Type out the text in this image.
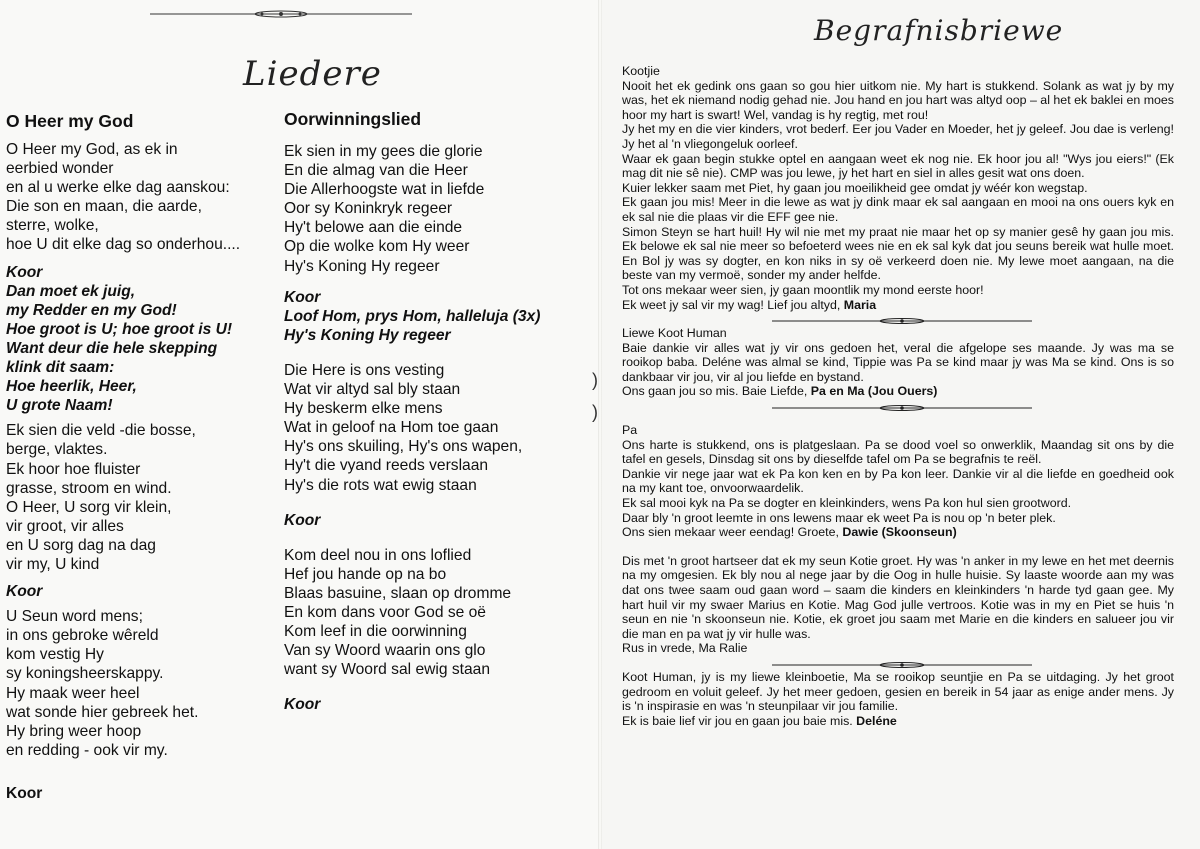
Liedere

O Heer my God

O Heer my God, as ek in

eerbied wonder

en al u werke elke dag aanskou:

Die son en maan, die aarde,

sterre, wolke,

hoe U dit elke dag so onderhou....

Koor

Dan moet ek juig,

my Redder en my God!

Hoe groot is U; hoe groot is U!

Want deur die hele skepping

klink dit saam:

Hoe heerlik, Heer,

U grote Naam!

Ek sien die veld -die bosse,

berge, vlaktes.

Ek hoor hoe fluister

grasse, stroom en wind.

O Heer, U sorg vir klein,

vir groot, vir alles

en U sorg dag na dag

vir my, U kind

Koor

U Seun word mens;

in ons gebroke wêreld

kom vestig Hy

sy koningsheerskappy.

Hy maak weer heel

wat sonde hier gebreek het.

Hy bring weer hoop

en redding - ook vir my.

Koor

Oorwinningslied

Ek sien in my gees die glorie

En die almag van die Heer

Die Allerhoogste wat in liefde

Oor sy Koninkryk regeer

Hy't belowe aan die einde

Op die wolke kom Hy weer

Hy's Koning Hy regeer

Koor

Loof Hom, prys Hom, halleluja (3x)

Hy's Koning Hy regeer

Die Here is ons vesting

Wat vir altyd sal bly staan

Hy beskerm elke mens

Wat in geloof na Hom toe gaan

Hy's ons skuiling, Hy's ons wapen,

Hy't die vyand reeds verslaan

Hy's die rots wat ewig staan

Koor

Kom deel nou in ons loflied

Hef jou hande op na bo

Blaas basuine, slaan op dromme

En kom dans voor God se oë

Kom leef in die oorwinning

Van sy Woord waarin ons glo

want sy Woord sal ewig staan

Koor

Begrafnisbriewe
)
)

Kootjie

Nooit het ek gedink ons gaan so gou hier uitkom nie. My hart is stukkend. Solank as wat jy by my was, het ek niemand nodig gehad nie. Jou hand en jou hart was altyd oop – al het ek baklei en moes hoor my hart is swart! Wel, vandag is hy regtig, met rou!

Jy het my en die vier kinders, vrot bederf. Eer jou Vader en Moeder, het jy geleef. Jou dae is verleng! Jy het al 'n vliegongeluk oorleef.

Waar ek gaan begin stukke optel en aangaan weet ek nog nie. Ek hoor jou al! "Wys jou eiers!" (Ek mag dit nie sê nie). CMP was jou lewe, jy het hart en siel in alles gesit wat ons doen.

Kuier lekker saam met Piet, hy gaan jou moeilikheid gee omdat jy wéér kon wegstap.

Ek gaan jou mis! Meer in die lewe as wat jy dink maar ek sal aangaan en mooi na ons ouers kyk en ek sal nie die plaas vir die EFF gee nie.

Simon Steyn se hart huil! Hy wil nie met my praat nie maar het op sy manier gesê hy gaan jou mis. Ek belowe ek sal nie meer so befoeterd wees nie en ek sal kyk dat jou seuns bereik wat hulle moet. En Bol jy was sy dogter, en kon niks in sy oë verkeerd doen nie. My lewe moet aangaan, na die beste van my vermoë, sonder my ander helfde.

Tot ons mekaar weer sien, jy gaan moontlik my mond eerste hoor!

Ek weet jy sal vir my wag! Lief jou altyd, Maria

Liewe Koot Human

Baie dankie vir alles wat jy vir ons gedoen het, veral die afgelope ses maande. Jy was ma se rooikop baba. Deléne was almal se kind, Tippie was Pa se kind maar jy was Ma se kind. Ons is so dankbaar vir jou, vir al jou liefde en bystand.

Ons gaan jou so mis. Baie Liefde, Pa en Ma (Jou Ouers)

Pa

Ons harte is stukkend, ons is platgeslaan. Pa se dood voel so onwerklik, Maandag sit ons by die tafel en gesels, Dinsdag sit ons by dieselfde tafel om Pa se begrafnis te reël.

Dankie vir nege jaar wat ek Pa kon ken en by Pa kon leer. Dankie vir al die liefde en goedheid ook na my kant toe, onvoorwaardelik.

Ek sal mooi kyk na Pa se dogter en kleinkinders, wens Pa kon hul sien grootword.

Daar bly 'n groot leemte in ons lewens maar ek weet Pa is nou op 'n beter plek.

Ons sien mekaar weer eendag! Groete, Dawie (Skoonseun)

Dis met 'n groot hartseer dat ek my seun Kotie groet. Hy was 'n anker in my lewe en het met deernis na my omgesien. Ek bly nou al nege jaar by die Oog in hulle huisie. Sy laaste woorde aan my was dat ons twee saam oud gaan word – saam die kinders en kleinkinders 'n harde tyd gaan gee. My hart huil vir my swaer Marius en Kotie. Mag God julle vertroos. Kotie was in my en Piet se huis 'n seun en nie 'n skoonseun nie. Kotie, ek groet jou saam met Marie en die kinders en salueer jou vir die man en pa wat jy vir hulle was.

Rus in vrede, Ma Ralie

Koot Human, jy is my liewe kleinboetie, Ma se rooikop seuntjie en Pa se uitdaging. Jy het groot gedroom en voluit geleef. Jy het meer gedoen, gesien en bereik in 54 jaar as enige ander mens. Jy is 'n inspirasie en was 'n steunpilaar vir jou familie.

Ek is baie lief vir jou en gaan jou baie mis. Deléne
